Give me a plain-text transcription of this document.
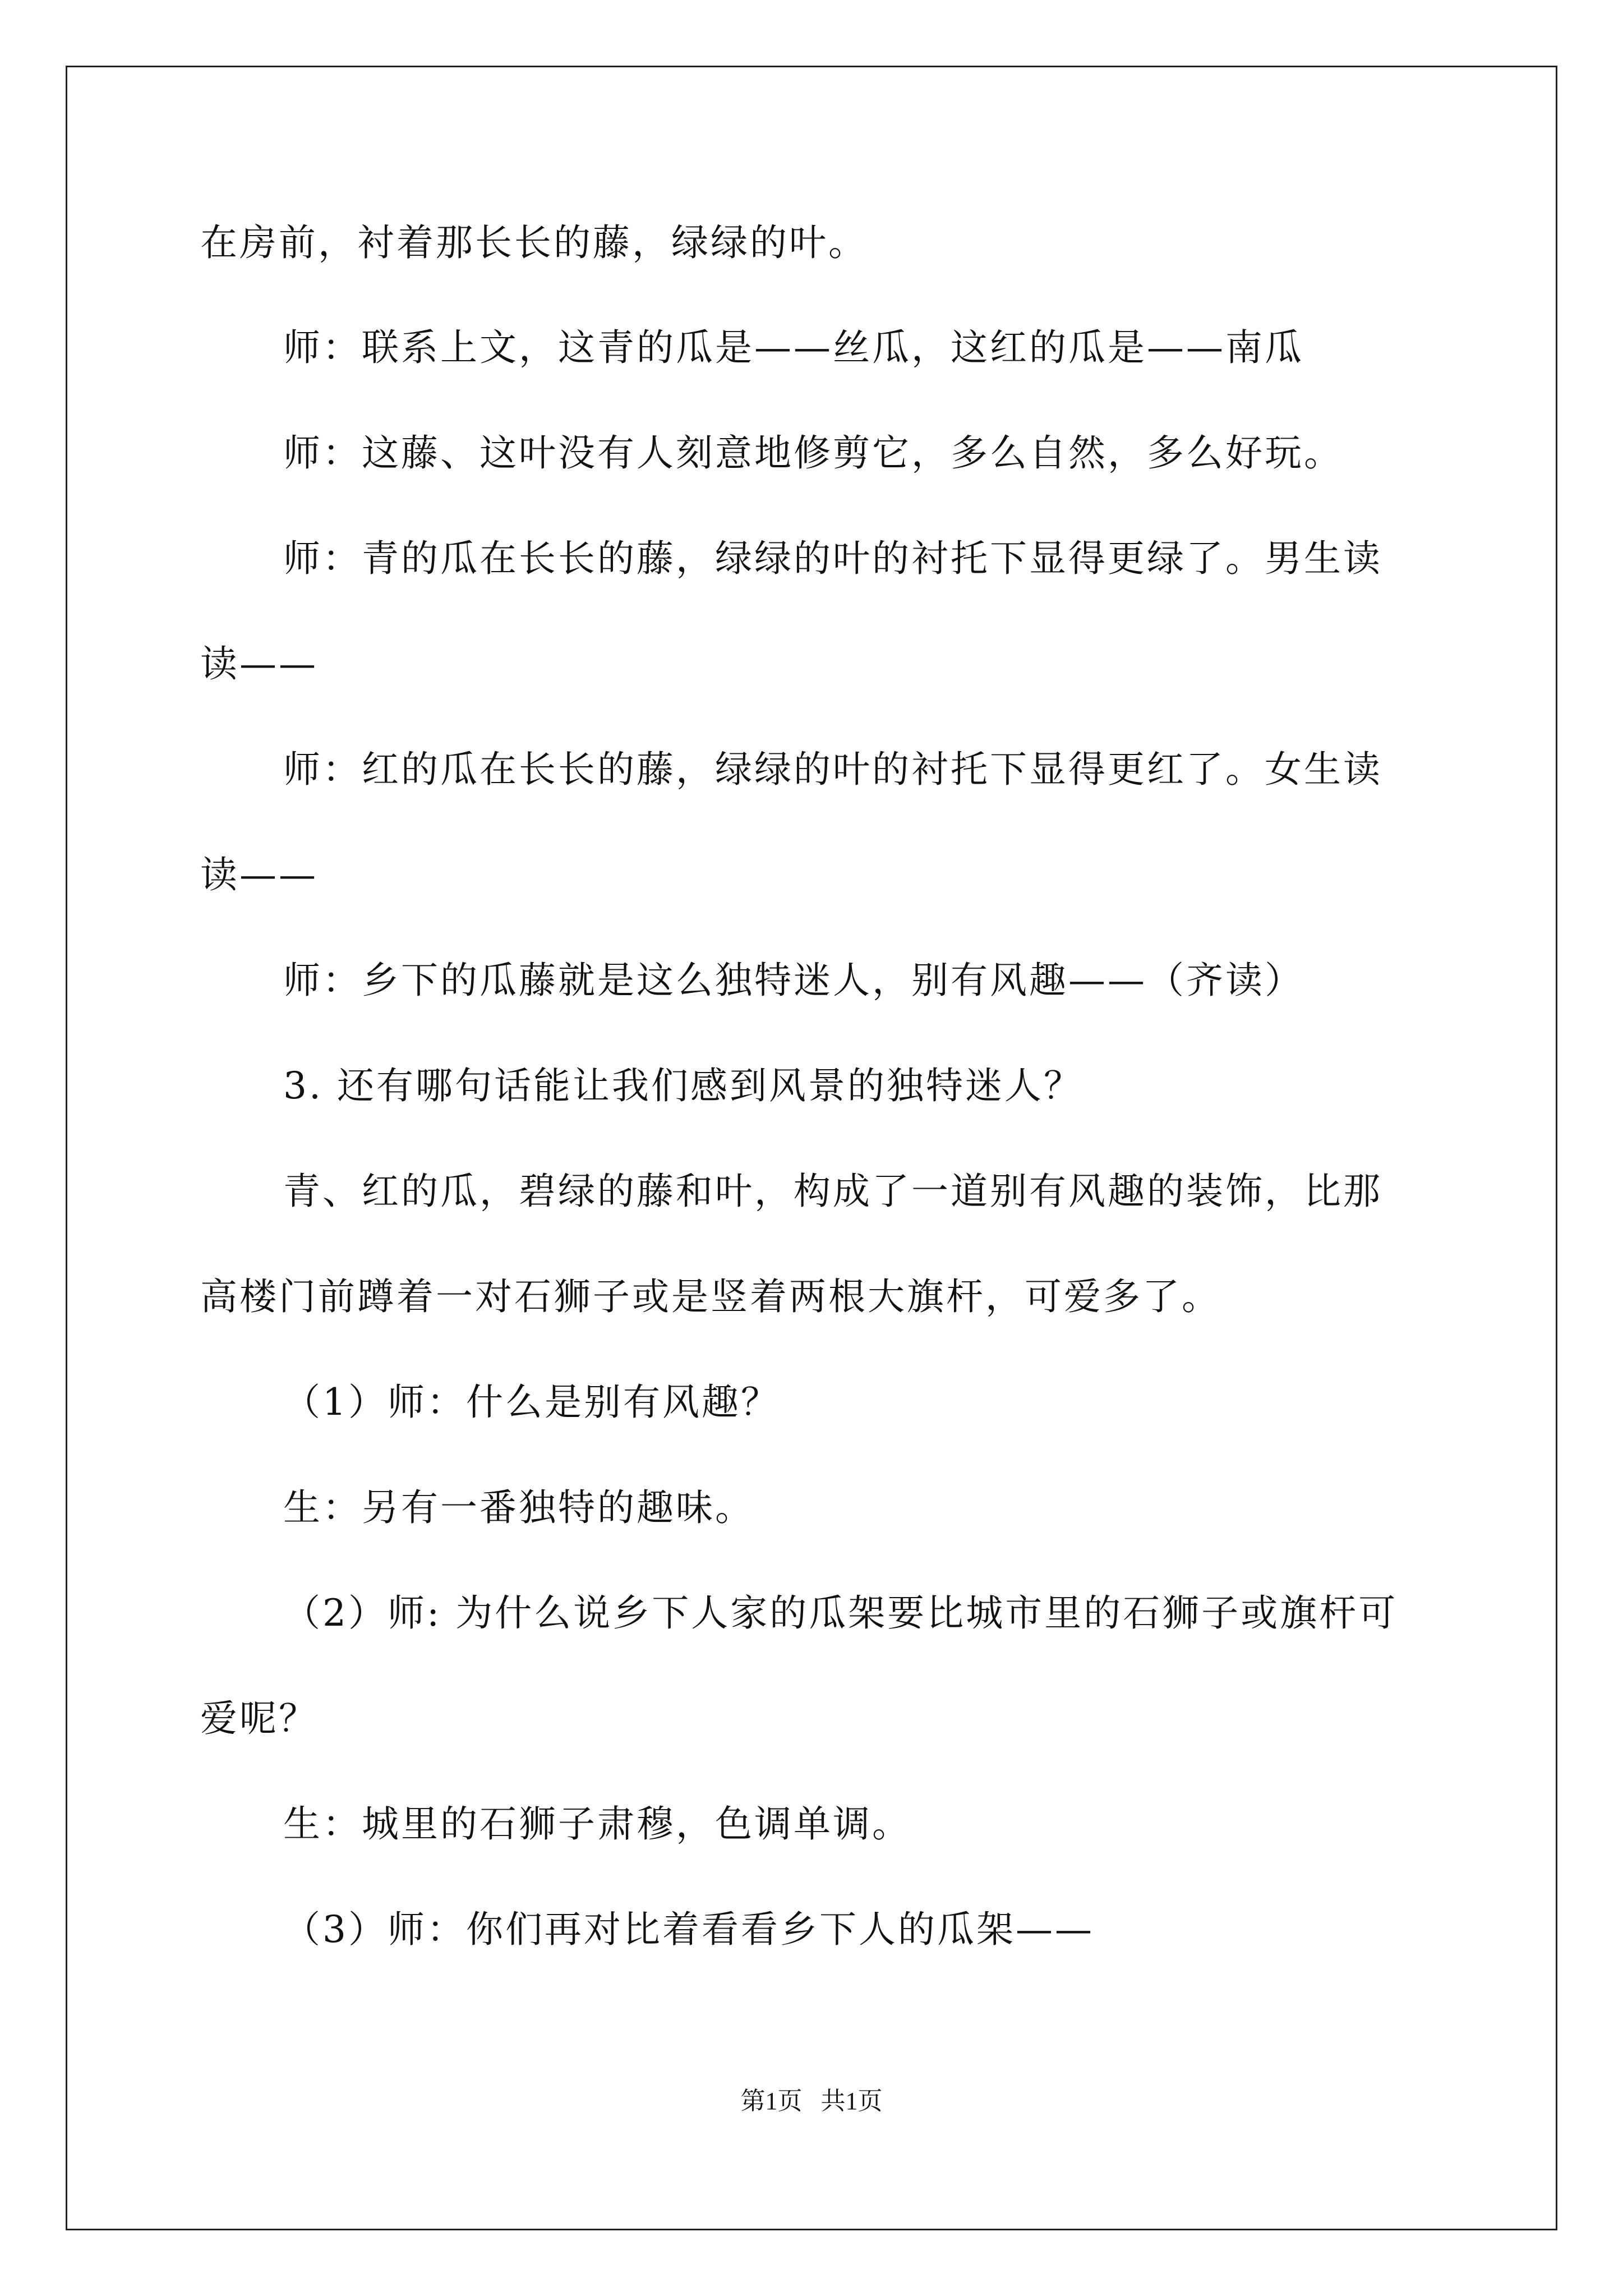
在房前，衬着那长长的藤，绿绿的叶。
师：联系上文，这青的瓜是——丝瓜，这红的瓜是——南瓜
师：这藤、这叶没有人刻意地修剪它，多么自然，多么好玩。
师：青的瓜在长长的藤，绿绿的叶的衬托下显得更绿了。男生读
读——
师：红的瓜在长长的藤，绿绿的叶的衬托下显得更红了。女生读
读——
师：乡下的瓜藤就是这么独特迷人，别有风趣——（齐读）
3. 还有哪句话能让我们感到风景的独特迷人？
青、红的瓜，碧绿的藤和叶，构成了一道别有风趣的装饰，比那
高楼门前蹲着一对石狮子或是竖着两根大旗杆，可爱多了。
（1）师：什么是别有风趣？
生：另有一番独特的趣味。
（2）师: 为什么说乡下人家的瓜架要比城市里的石狮子或旗杆可
爱呢？
生：城里的石狮子肃穆，色调单调。
（3）师：你们再对比着看看乡下人的瓜架——
第1页   共1页
